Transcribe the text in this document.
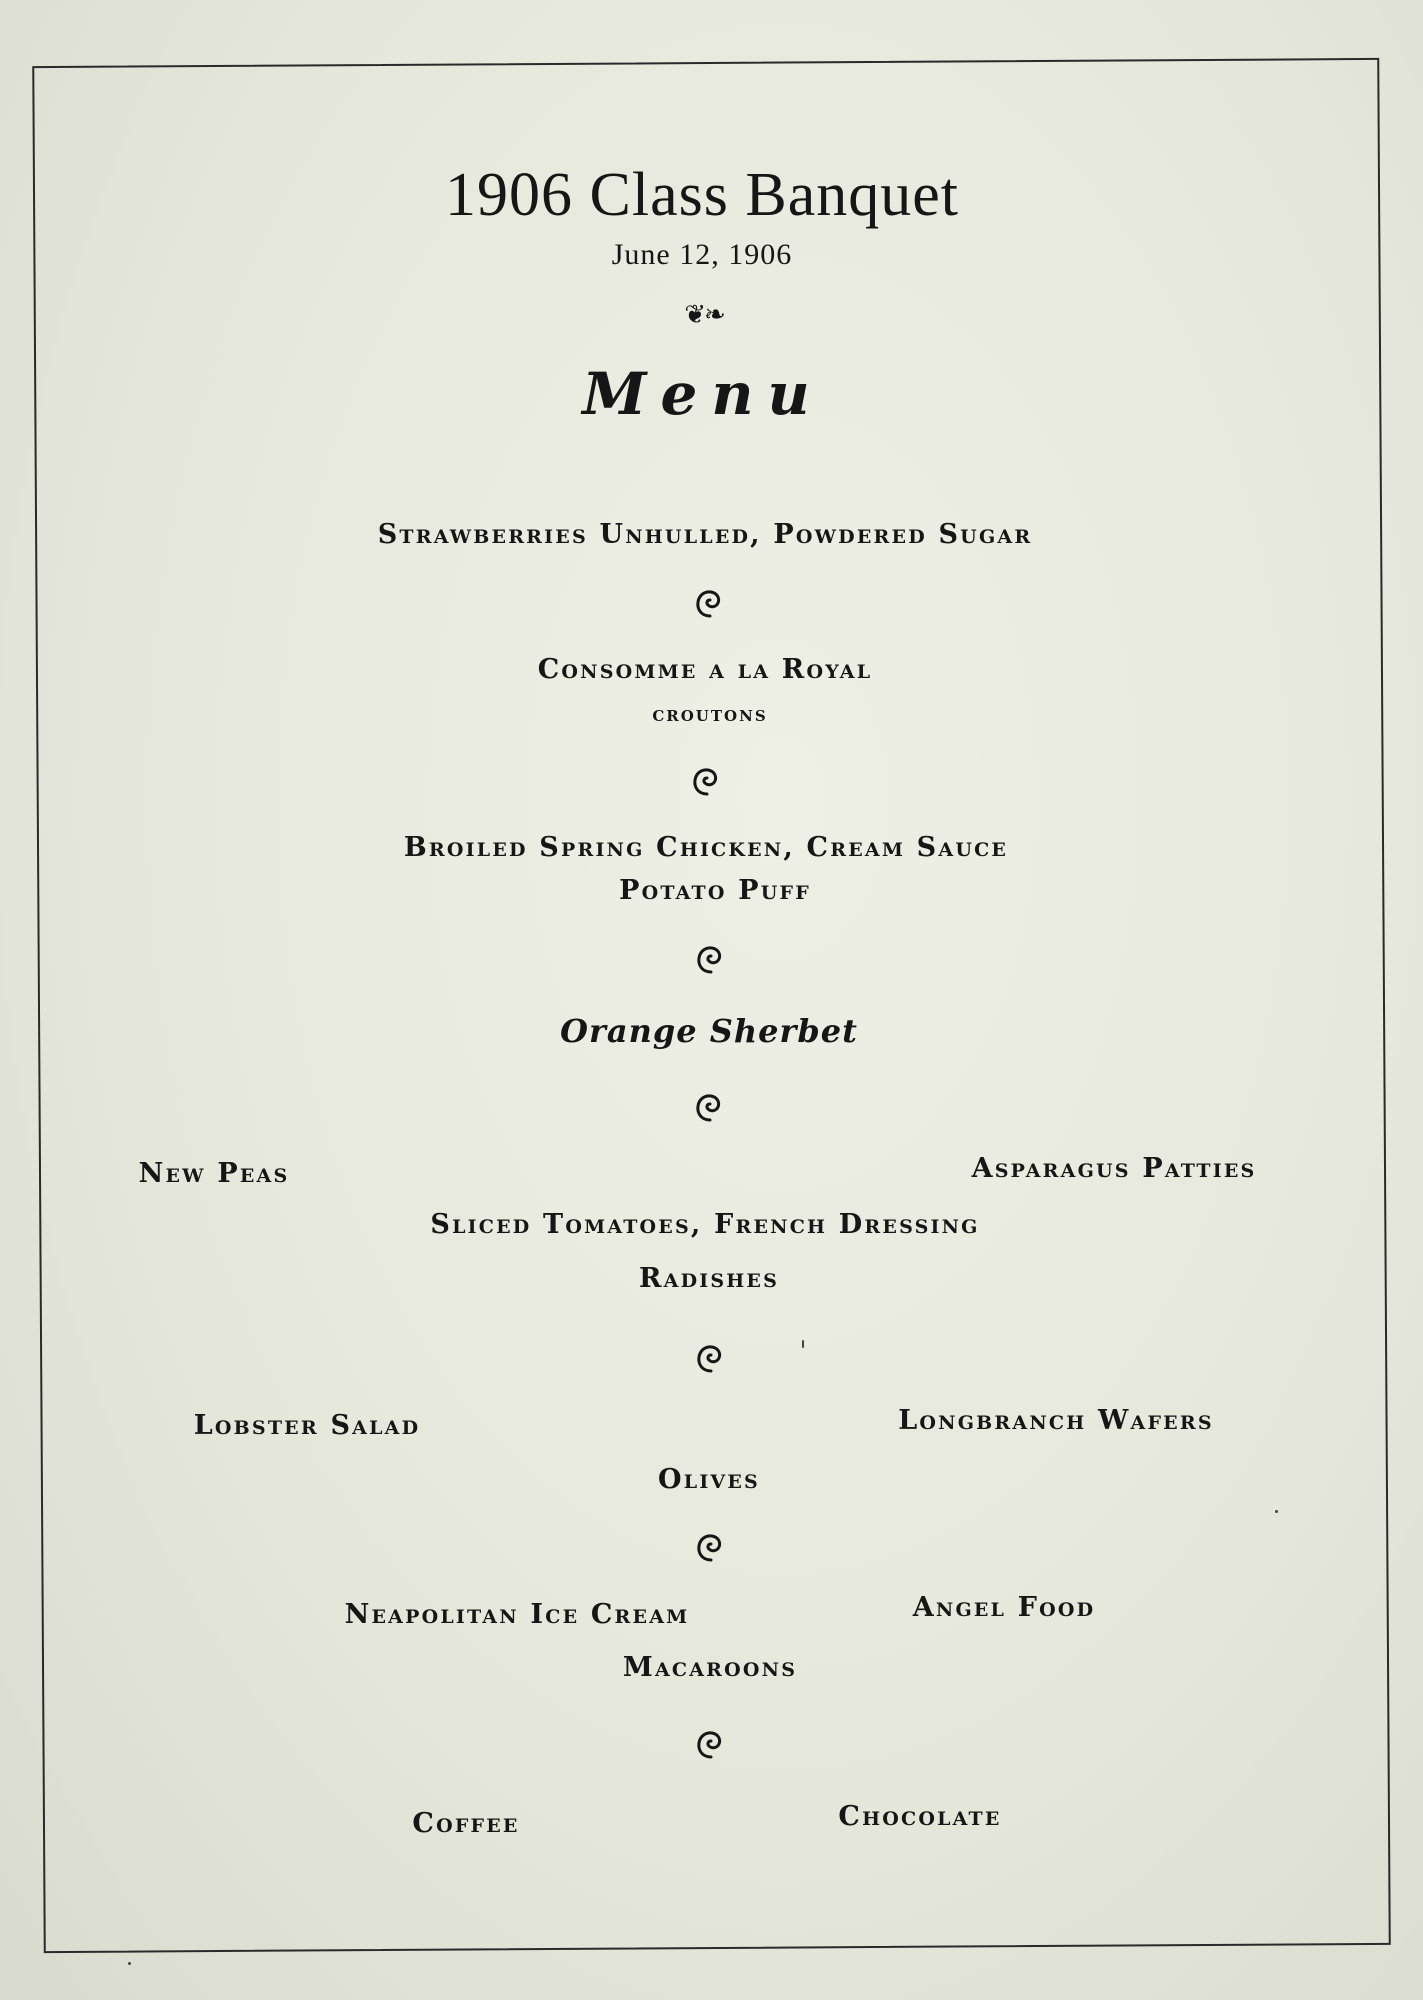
1906 Class Banquet
June 12, 1906
❦❧
Menu
Strawberries Unhulled, Powdered Sugar
Consomme a la Royal
croutons
Broiled Spring Chicken, Cream Sauce
Potato Puff
Orange Sherbet
New Peas	Asparagus Patties
Sliced Tomatoes, French Dressing
Radishes
Lobster Salad	Longbranch Wafers
Olives
Neapolitan Ice Cream	Angel Food
Macaroons
Coffee	Chocolate
